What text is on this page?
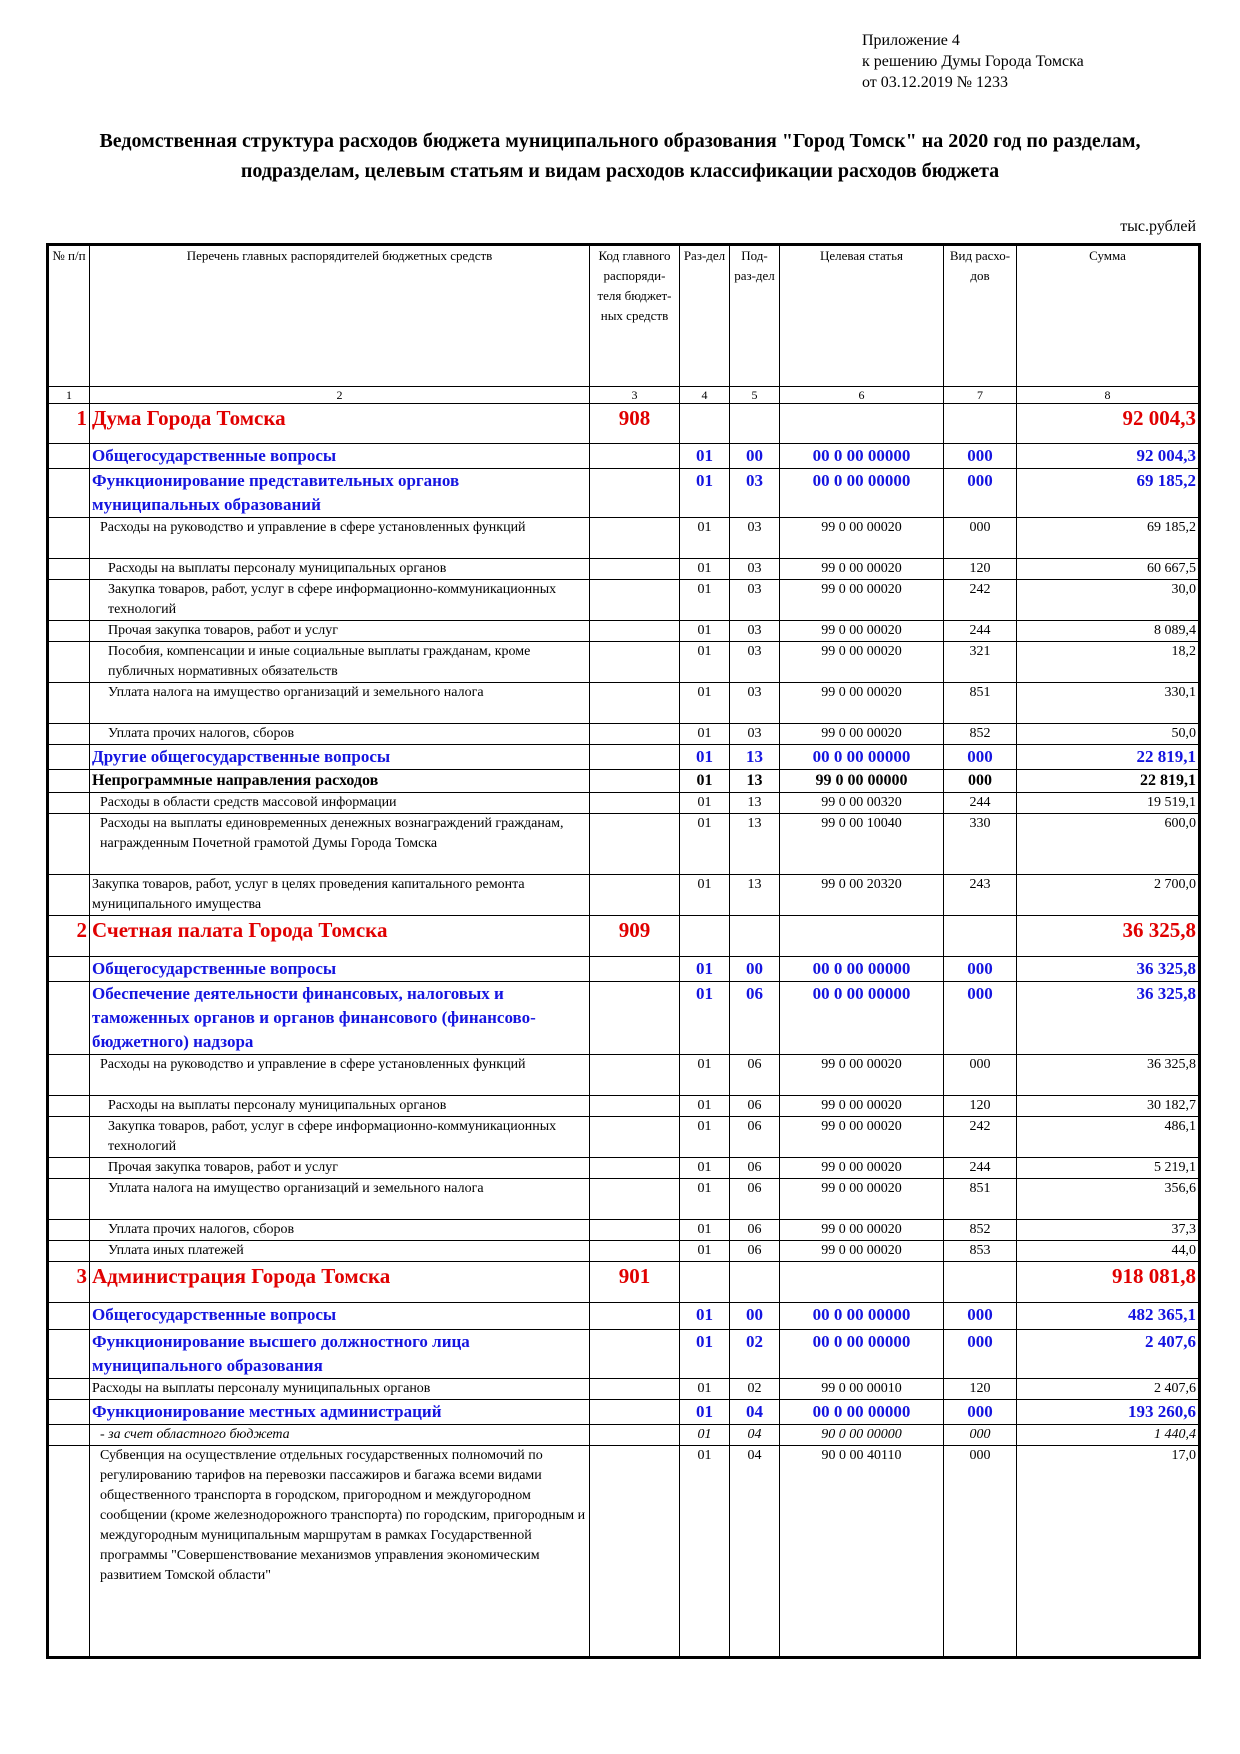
Приложение 4
к решению Думы Города Томска
от 03.12.2019 № 1233
Ведомственная структура расходов бюджета муниципального образования "Город Томск" на 2020 год по разделам, подразделам, целевым статьям и видам расходов классификации расходов бюджета
тыс.рублей
№ п/п	Перечень главных распорядителей бюджетных средств	Код главного распоряди-теля бюджет-ных средств	Раз-дел	Под-раз-дел	Целевая статья	Вид расхо-дов	Сумма
1	2	3	4	5	6	7	8
1	Дума Города Томска	908					92 004,3
	Общегосударственные вопросы		01	00	00 0 00 00000	000	92 004,3
	Функционирование представительных органов муниципальных образований		01	03	00 0 00 00000	000	69 185,2
	Расходы на руководство и управление в сфере установленных функций		01	03	99 0 00 00020	000	69 185,2
	Расходы на выплаты персоналу муниципальных органов		01	03	99 0 00 00020	120	60 667,5
	Закупка товаров, работ, услуг в сфере информационно-коммуникационных технологий		01	03	99 0 00 00020	242	30,0
	Прочая закупка товаров, работ и услуг		01	03	99 0 00 00020	244	8 089,4
	Пособия, компенсации и иные социальные выплаты гражданам, кроме публичных нормативных обязательств		01	03	99 0 00 00020	321	18,2
	Уплата налога на имущество организаций и земельного налога		01	03	99 0 00 00020	851	330,1
	Уплата прочих налогов, сборов		01	03	99 0 00 00020	852	50,0
	Другие общегосударственные вопросы		01	13	00 0 00 00000	000	22 819,1
	Непрограммные направления расходов		01	13	99 0 00 00000	000	22 819,1
	Расходы в области средств массовой информации		01	13	99 0 00 00320	244	19 519,1
	Расходы на выплаты единовременных денежных вознаграждений гражданам, награжденным Почетной грамотой Думы Города Томска		01	13	99 0 00 10040	330	600,0
	Закупка товаров, работ, услуг в целях проведения капитального ремонта муниципального имущества		01	13	99 0 00 20320	243	2 700,0
2	Счетная палата Города Томска	909					36 325,8
	Общегосударственные вопросы		01	00	00 0 00 00000	000	36 325,8
	Обеспечение деятельности финансовых, налоговых и таможенных органов и органов финансового (финансово-бюджетного) надзора		01	06	00 0 00 00000	000	36 325,8
	Расходы на руководство и управление в сфере установленных функций		01	06	99 0 00 00020	000	36 325,8
	Расходы на выплаты персоналу муниципальных органов		01	06	99 0 00 00020	120	30 182,7
	Закупка товаров, работ, услуг в сфере информационно-коммуникационных технологий		01	06	99 0 00 00020	242	486,1
	Прочая закупка товаров, работ и услуг		01	06	99 0 00 00020	244	5 219,1
	Уплата налога на имущество организаций и земельного налога		01	06	99 0 00 00020	851	356,6
	Уплата прочих налогов, сборов		01	06	99 0 00 00020	852	37,3
	Уплата иных платежей		01	06	99 0 00 00020	853	44,0
3	Администрация Города Томска	901					918 081,8
	Общегосударственные вопросы		01	00	00 0 00 00000	000	482 365,1
	Функционирование высшего должностного лица муниципального образования		01	02	00 0 00 00000	000	2 407,6
	Расходы на выплаты персоналу муниципальных органов		01	02	99 0 00 00010	120	2 407,6
	Функционирование местных администраций		01	04	00 0 00 00000	000	193 260,6
	- за счет областного бюджета		01	04	90 0 00 00000	000	1 440,4
	Субвенция на осуществление отдельных государственных полномочий по регулированию тарифов на перевозки пассажиров и багажа всеми видами общественного транспорта в городском, пригородном и междугородном сообщении (кроме железнодорожного транспорта) по городским, пригородным и междугородным муниципальным маршрутам в рамках Государственной программы "Совершенствование механизмов управления экономическим развитием Томской области"		01	04	90 0 00 40110	000	17,0
